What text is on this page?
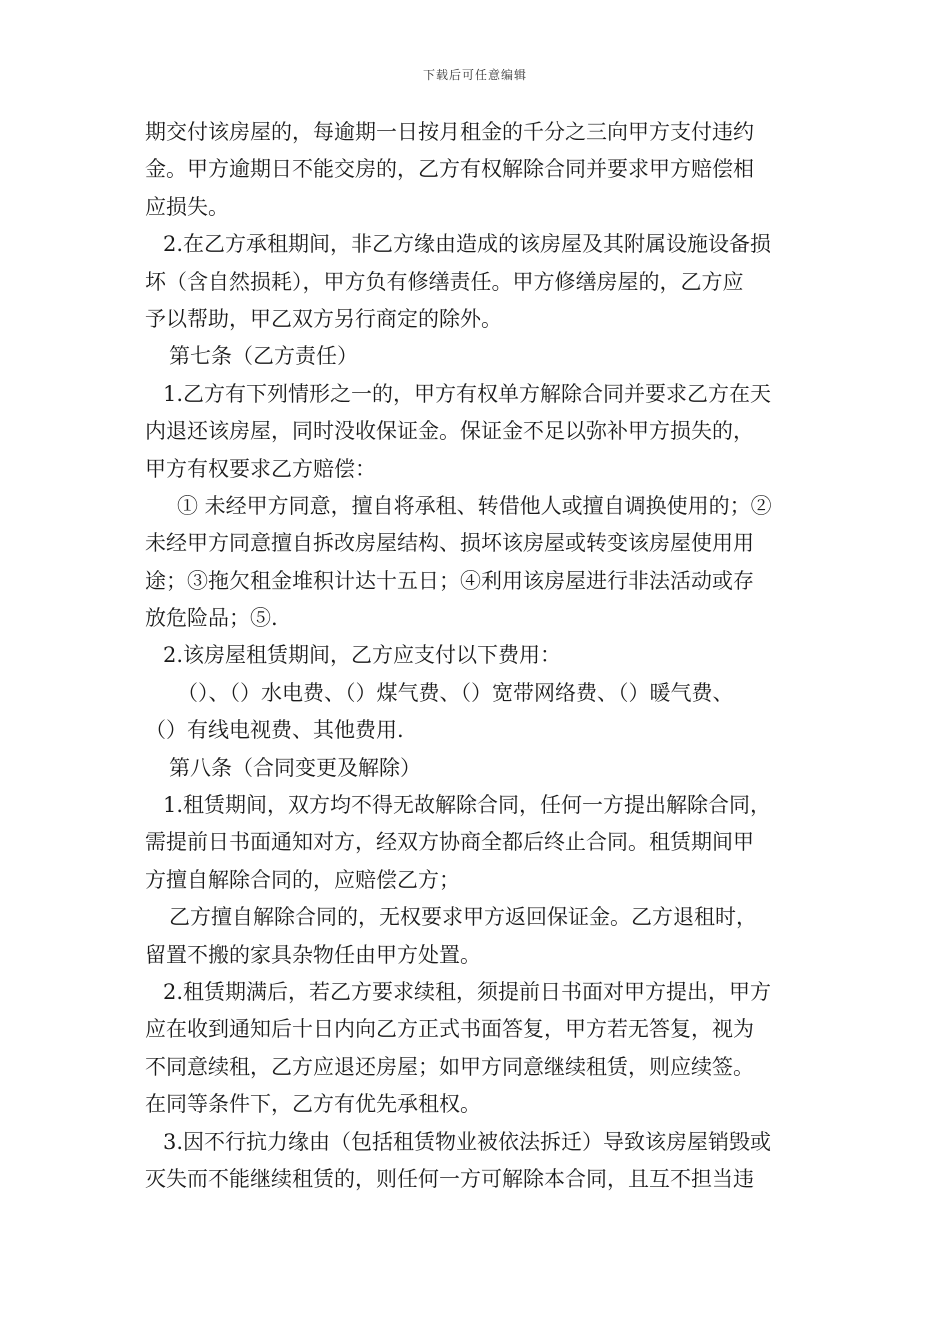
下载后可任意编辑
期交付该房屋的，每逾期一日按月租金的千分之三向甲方支付违约
金。甲方逾期日不能交房的，乙方有权解除合同并要求甲方赔偿相
应损失。
2.在乙方承租期间，非乙方缘由造成的该房屋及其附属设施设备损
坏（含自然损耗），甲方负有修缮责任。甲方修缮房屋的，乙方应
予以帮助，甲乙双方另行商定的除外。
第七条（乙方责任）
1.乙方有下列情形之一的，甲方有权单方解除合同并要求乙方在天
内退还该房屋，同时没收保证金。保证金不足以弥补甲方损失的，
甲方有权要求乙方赔偿：
① 未经甲方同意，擅自将承租、转借他人或擅自调换使用的；②
未经甲方同意擅自拆改房屋结构、损坏该房屋或转变该房屋使用用
途；③拖欠租金堆积计达十五日；④利用该房屋进行非法活动或存
放危险品；⑤.
2.该房屋租赁期间，乙方应支付以下费用：
（）、（）水电费、（）煤气费、（）宽带网络费、（）暖气费、
（）有线电视费、其他费用.
第八条（合同变更及解除）
1.租赁期间，双方均不得无故解除合同，任何一方提出解除合同，
需提前日书面通知对方，经双方协商全都后终止合同。租赁期间甲
方擅自解除合同的，应赔偿乙方；
乙方擅自解除合同的，无权要求甲方返回保证金。乙方退租时，
留置不搬的家具杂物任由甲方处置。
2.租赁期满后，若乙方要求续租，须提前日书面对甲方提出，甲方
应在收到通知后十日内向乙方正式书面答复，甲方若无答复，视为
不同意续租，乙方应退还房屋；如甲方同意继续租赁，则应续签。
在同等条件下，乙方有优先承租权。
3.因不行抗力缘由（包括租赁物业被依法拆迁）导致该房屋销毁或
灭失而不能继续租赁的，则任何一方可解除本合同，且互不担当违
